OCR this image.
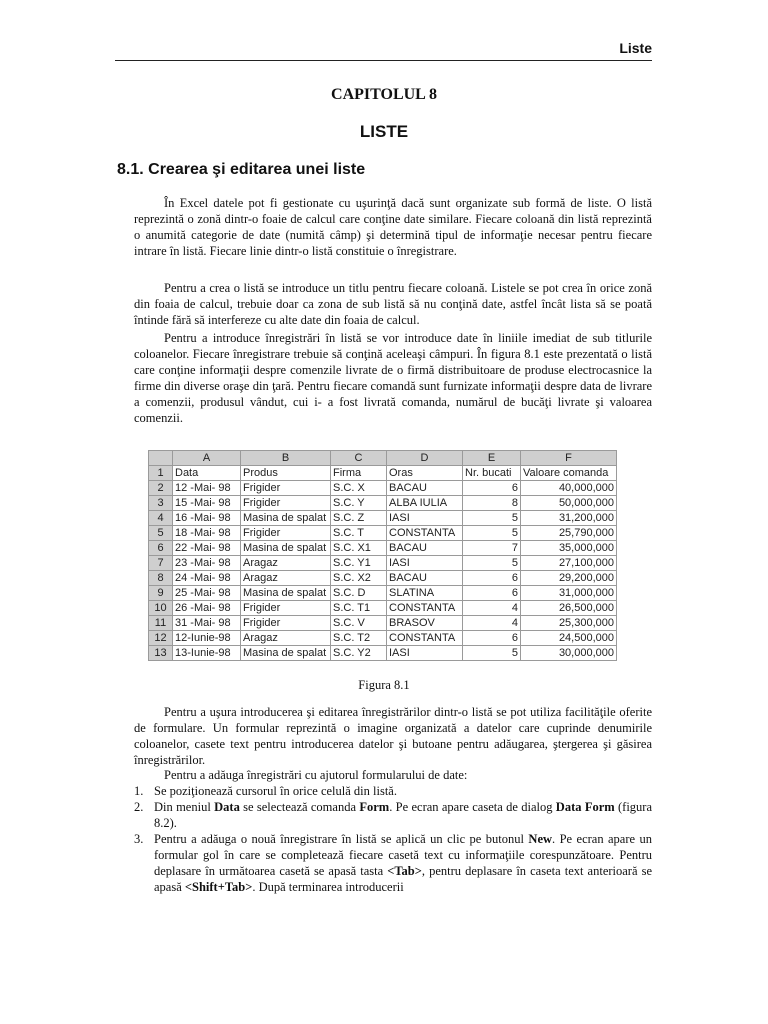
Liste
CAPITOLUL 8
LISTE
8.1. Crearea şi editarea unei liste

În Excel datele pot fi gestionate cu uşurinţă dacă sunt organizate sub formă de liste. O listă reprezintă o zonă dintr-o foaie de calcul care conţine date similare. Fiecare coloană din listă reprezintă o anumită categorie de date (numită câmp) şi determină tipul de informaţie necesar pentru fiecare intrare în listă. Fiecare linie dintr-o listă constituie o înregistrare.

Pentru a crea o listă se introduce un titlu pentru fiecare coloană. Listele se pot crea în orice zonă din foaia de calcul, trebuie doar ca zona de sub listă să nu conţină date, astfel încât lista să se poată întinde fără să interfereze cu alte date din foaia de calcul.

Pentru a introduce înregistrări în listă se vor introduce date în liniile imediat de sub titlurile coloanelor. Fiecare înregistrare trebuie să conţină aceleaşi câmpuri. În figura 8.1 este prezentată o listă care conţine informaţii despre comenzile livrate de o firmă distribuitoare de produse electrocasnice la firme din diverse oraşe din ţară. Pentru fiecare comandă sunt furnizate informaţii despre data de livrare a comenzii, produsul vândut, cui i- a fost livrată comanda, numărul de bucăţi livrate şi valoarea comenzii.

	A	B	C	D	E	F
1	Data	Produs	Firma	Oras	Nr. bucati	Valoare comanda
2	12 -Mai- 98	Frigider	S.C. X	BACAU	6	40,000,000
3	15 -Mai- 98	Frigider	S.C. Y	ALBA IULIA	8	50,000,000
4	16 -Mai- 98	Masina de spalat	S.C. Z	IASI	5	31,200,000
5	18 -Mai- 98	Frigider	S.C. T	CONSTANTA	5	25,790,000
6	22 -Mai- 98	Masina de spalat	S.C. X1	BACAU	7	35,000,000
7	23 -Mai- 98	Aragaz	S.C. Y1	IASI	5	27,100,000
8	24 -Mai- 98	Aragaz	S.C. X2	BACAU	6	29,200,000
9	25 -Mai- 98	Masina de spalat	S.C. D	SLATINA	6	31,000,000
10	26 -Mai- 98	Frigider	S.C. T1	CONSTANTA	4	26,500,000
11	31 -Mai- 98	Frigider	S.C. V	BRASOV	4	25,300,000
12	12-Iunie-98	Aragaz	S.C. T2	CONSTANTA	6	24,500,000
13	13-Iunie-98	Masina de spalat	S.C. Y2	IASI	5	30,000,000
Figura 8.1

Pentru a uşura introducerea şi editarea înregistrărilor dintr-o listă se pot utiliza facilităţile oferite de formulare. Un formular reprezintă o imagine organizată a datelor care cuprinde denumirile coloanelor, casete text pentru introducerea datelor şi butoane pentru adăugarea, ştergerea şi găsirea înregistrărilor.

Pentru a adăuga înregistrări cu ajutorul formularului de date:

1. Se poziţionează cursorul în orice celulă din listă.
2. Din meniul Data se selectează comanda Form. Pe ecran apare caseta de dialog Data Form (figura 8.2).
3. Pentru a adăuga o nouă înregistrare în listă se aplică un clic pe butonul New. Pe ecran apare un formular gol în care se completează fiecare casetă text cu informaţiile corespunzătoare. Pentru deplasare în următoarea casetă se apasă tasta <Tab>, pentru deplasare în caseta text anterioară se apasă <Shift+Tab>. După terminarea introducerii
